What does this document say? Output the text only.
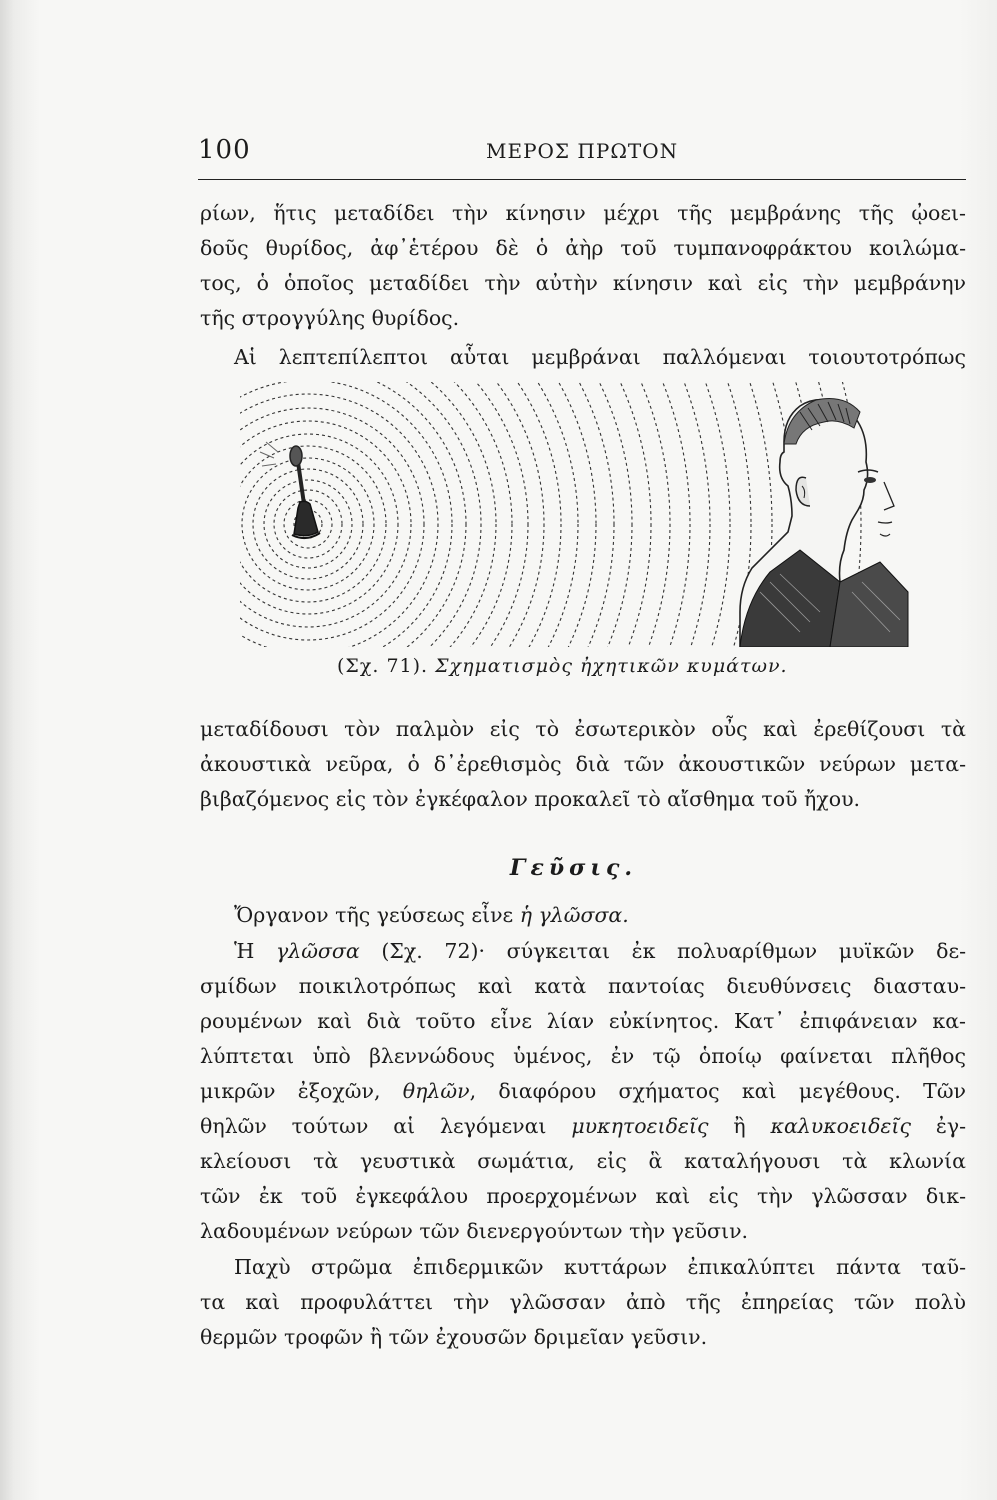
100	ΜΕΡΟΣ ΠΡΩΤΟΝ
ρίων, ἥτις μεταδίδει τὴν κίνησιν μέχρι τῆς μεμβράνης τῆς ᾠοει-
δοῦς θυρίδος, ἀφ᾽ἑτέρου δὲ ὁ ἀὴρ τοῦ τυμπανοφράκτου κοιλώμα-
τος, ὁ ὁποῖος μεταδίδει τὴν αὐτὴν κίνησιν καὶ εἰς τὴν μεμβράνην
τῆς στρογγύλης θυρίδος.
Αἱ λεπτεπίλεπτοι αὗται μεμβράναι παλλόμεναι τοιουτοτρόπως
(Σχ. 71). Σχηματισμὸς ἠχητικῶν κυμάτων.
μεταδίδουσι τὸν παλμὸν εἰς τὸ ἐσωτερικὸν οὖς καὶ ἐρεθίζουσι τὰ
ἀκουστικὰ νεῦρα, ὁ δ᾽ἐρεθισμὸς διὰ τῶν ἀκουστικῶν νεύρων μετα-
βιβαζόμενος εἰς τὸν ἐγκέφαλον προκαλεῖ τὸ αἴσθημα τοῦ ἤχου.
Γεῦσις.
Ὄργανον τῆς γεύσεως εἶνε ἡ γλῶσσα.
Ἡ γλῶσσα (Σχ. 72)· σύγκειται ἐκ πολυαρίθμων μυϊκῶν δε-
σμίδων ποικιλοτρόπως καὶ κατὰ παντοίας διευθύνσεις διασταυ-
ρουμένων καὶ διὰ τοῦτο εἶνε λίαν εὐκίνητος. Κατ᾽ ἐπιφάνειαν κα-
λύπτεται ὑπὸ βλεννώδους ὑμένος, ἐν τῷ ὁποίῳ φαίνεται πλῆθος
μικρῶν ἐξοχῶν, θηλῶν, διαφόρου σχήματος καὶ μεγέθους. Τῶν
θηλῶν τούτων αἱ λεγόμεναι μυκητοειδεῖς ἢ καλυκοειδεῖς ἐγ-
κλείουσι τὰ γευστικὰ σωμάτια, εἰς ἃ καταλήγουσι τὰ κλωνία
τῶν ἐκ τοῦ ἐγκεφάλου προερχομένων καὶ εἰς τὴν γλῶσσαν δικ-
λαδουμένων νεύρων τῶν διενεργούντων τὴν γεῦσιν.
Παχὺ στρῶμα ἐπιδερμικῶν κυττάρων ἐπικαλύπτει πάντα ταῦ-
τα καὶ προφυλάττει τὴν γλῶσσαν ἀπὸ τῆς ἐπηρείας τῶν πολὺ
θερμῶν τροφῶν ἢ τῶν ἐχουσῶν δριμεῖαν γεῦσιν.
